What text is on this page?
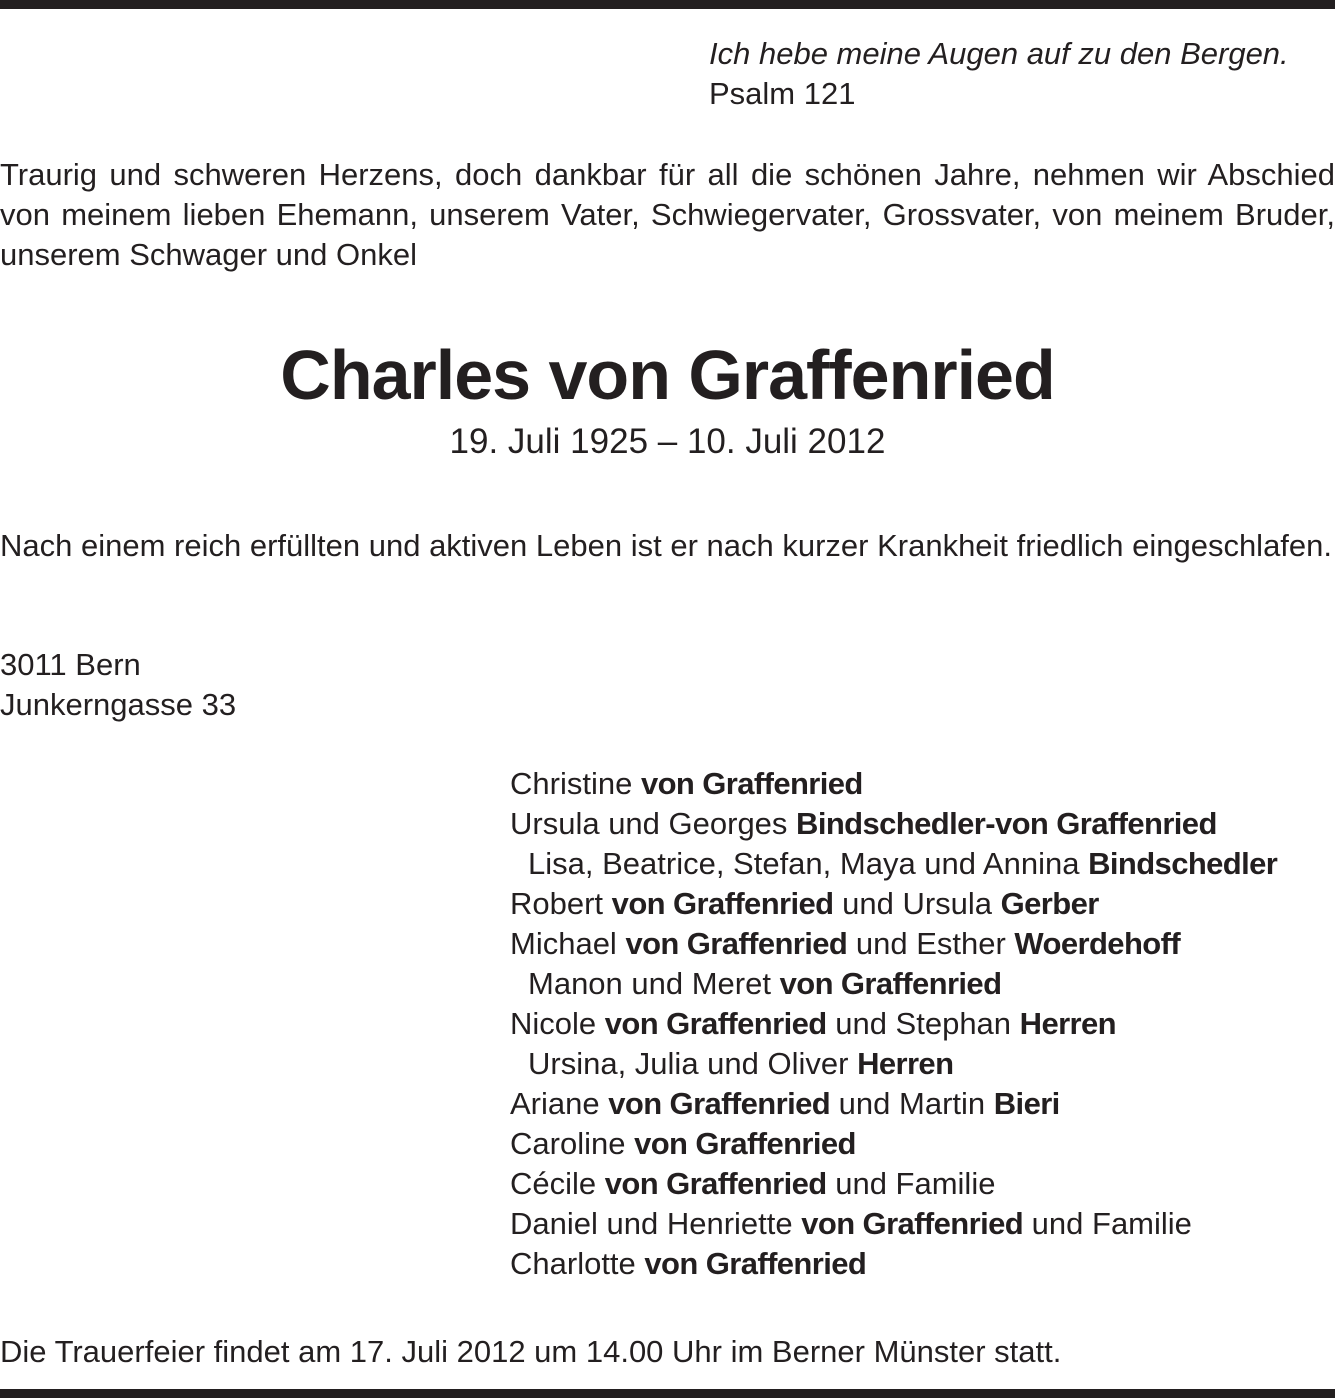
Ich hebe meine Augen auf zu den Bergen.
Psalm 121
Traurig und schweren Herzens, doch dankbar für all die schönen Jahre, nehmen wir Abschied von meinem lieben Ehemann, unserem Vater, Schwiegervater, Grossvater, von meinem Bruder, unserem Schwager und Onkel
Charles von Graffenried
19. Juli 1925 – 10. Juli 2012
Nach einem reich erfüllten und aktiven Leben ist er nach kurzer Krankheit friedlich eingeschlafen.
3011 Bern
Junkerngasse 33
Christine von Graffenried
Ursula und Georges Bindschedler-von Graffenried
Lisa, Beatrice, Stefan, Maya und Annina Bindschedler
Robert von Graffenried und Ursula Gerber
Michael von Graffenried und Esther Woerdehoff
Manon und Meret von Graffenried
Nicole von Graffenried und Stephan Herren
Ursina, Julia und Oliver Herren
Ariane von Graffenried und Martin Bieri
Caroline von Graffenried
Cécile von Graffenried und Familie
Daniel und Henriette von Graffenried und Familie
Charlotte von Graffenried
Die Trauerfeier findet am 17. Juli 2012 um 14.00 Uhr im Berner Münster statt.
